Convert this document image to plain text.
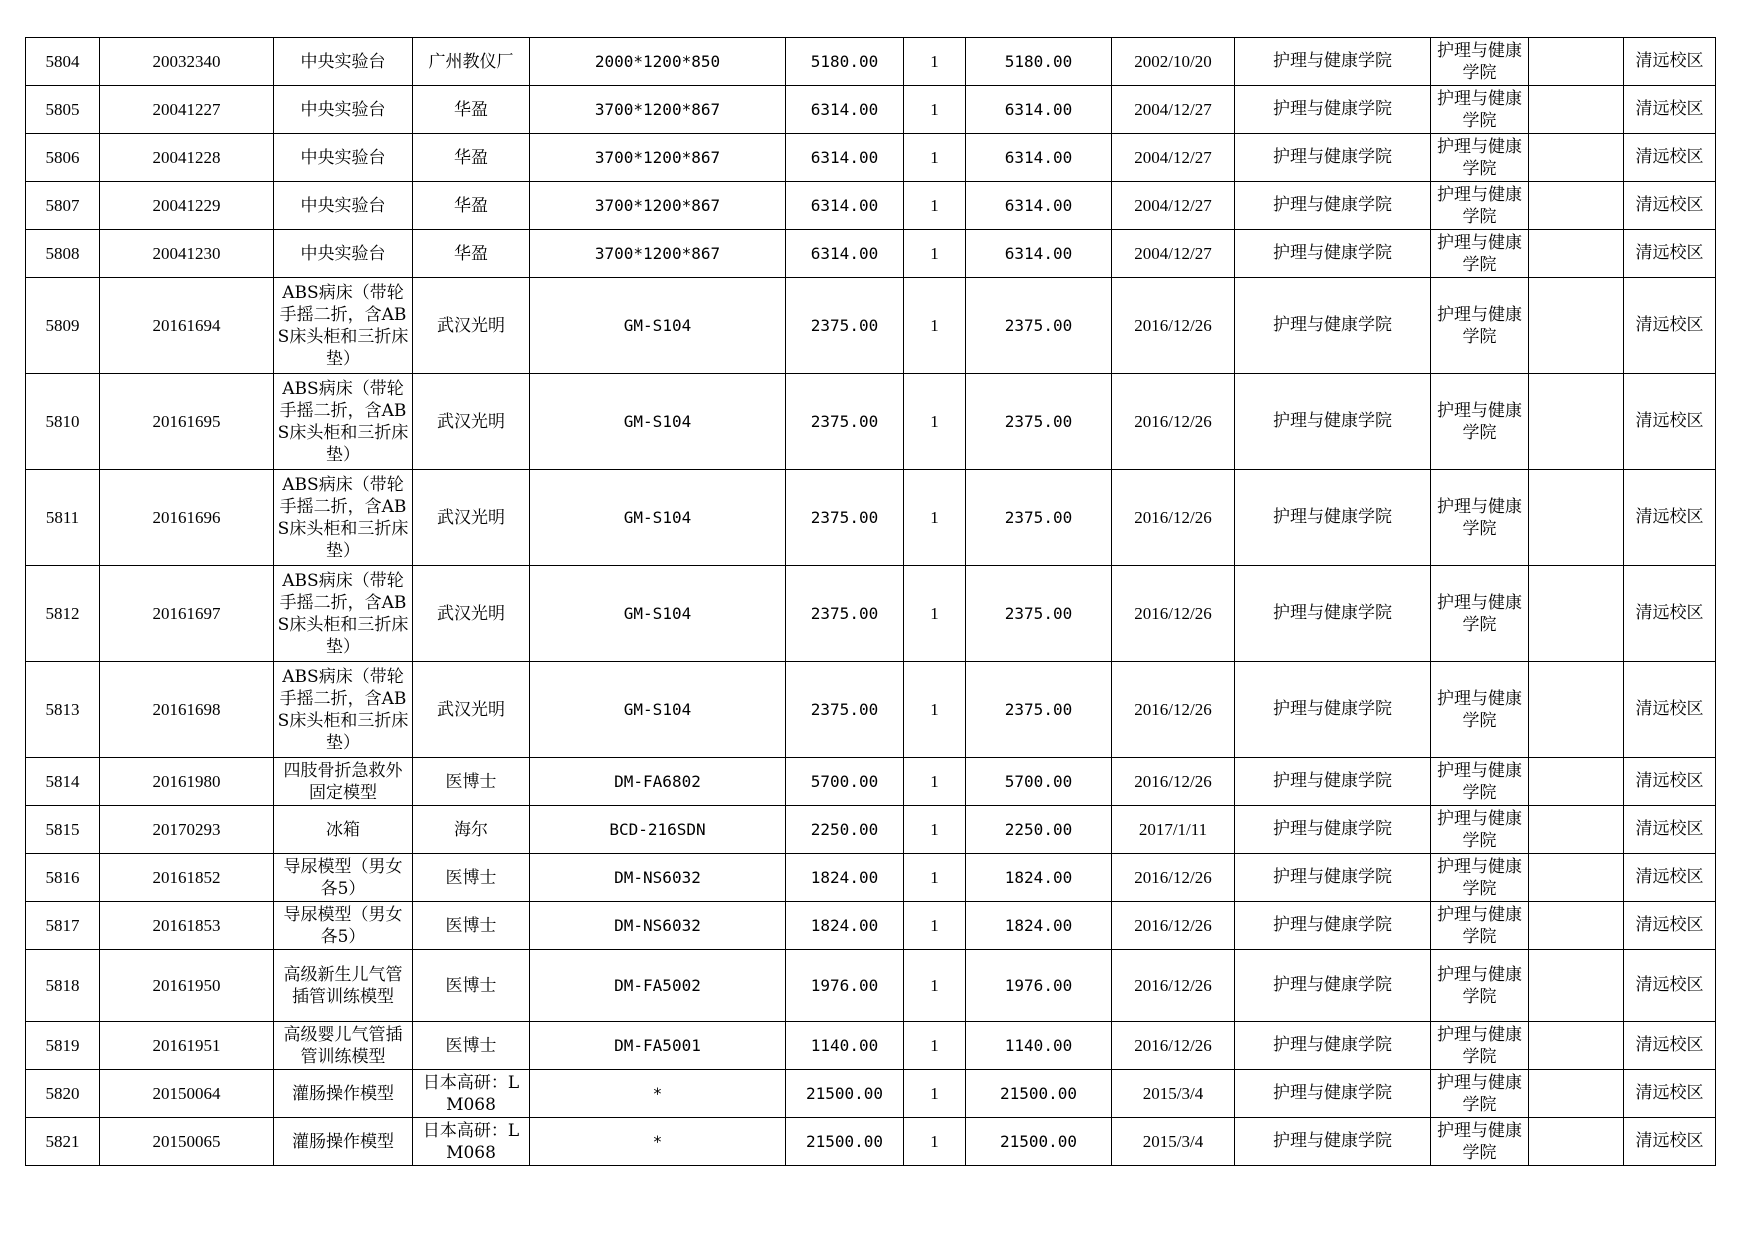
5804	20032340	中央实验台	广州教仪厂	2000*1200*850	5180.00	1	5180.00	2002/10/20	护理与健康学院	护理与健康学院		清远校区
5805	20041227	中央实验台	华盈	3700*1200*867	6314.00	1	6314.00	2004/12/27	护理与健康学院	护理与健康学院		清远校区
5806	20041228	中央实验台	华盈	3700*1200*867	6314.00	1	6314.00	2004/12/27	护理与健康学院	护理与健康学院		清远校区
5807	20041229	中央实验台	华盈	3700*1200*867	6314.00	1	6314.00	2004/12/27	护理与健康学院	护理与健康学院		清远校区
5808	20041230	中央实验台	华盈	3700*1200*867	6314.00	1	6314.00	2004/12/27	护理与健康学院	护理与健康学院		清远校区
5809	20161694	ABS病床（带轮手摇二折，含ABS床头柜和三折床垫）	武汉光明	GM-S104	2375.00	1	2375.00	2016/12/26	护理与健康学院	护理与健康学院		清远校区
5810	20161695	ABS病床（带轮手摇二折，含ABS床头柜和三折床垫）	武汉光明	GM-S104	2375.00	1	2375.00	2016/12/26	护理与健康学院	护理与健康学院		清远校区
5811	20161696	ABS病床（带轮手摇二折，含ABS床头柜和三折床垫）	武汉光明	GM-S104	2375.00	1	2375.00	2016/12/26	护理与健康学院	护理与健康学院		清远校区
5812	20161697	ABS病床（带轮手摇二折，含ABS床头柜和三折床垫）	武汉光明	GM-S104	2375.00	1	2375.00	2016/12/26	护理与健康学院	护理与健康学院		清远校区
5813	20161698	ABS病床（带轮手摇二折，含ABS床头柜和三折床垫）	武汉光明	GM-S104	2375.00	1	2375.00	2016/12/26	护理与健康学院	护理与健康学院		清远校区
5814	20161980	四肢骨折急救外固定模型	医博士	DM-FA6802	5700.00	1	5700.00	2016/12/26	护理与健康学院	护理与健康学院		清远校区
5815	20170293	冰箱	海尔	BCD-216SDN	2250.00	1	2250.00	2017/1/11	护理与健康学院	护理与健康学院		清远校区
5816	20161852	导尿模型（男女各5）	医博士	DM-NS6032	1824.00	1	1824.00	2016/12/26	护理与健康学院	护理与健康学院		清远校区
5817	20161853	导尿模型（男女各5）	医博士	DM-NS6032	1824.00	1	1824.00	2016/12/26	护理与健康学院	护理与健康学院		清远校区
5818	20161950	高级新生儿气管插管训练模型	医博士	DM-FA5002	1976.00	1	1976.00	2016/12/26	护理与健康学院	护理与健康学院		清远校区
5819	20161951	高级婴儿气管插管训练模型	医博士	DM-FA5001	1140.00	1	1140.00	2016/12/26	护理与健康学院	护理与健康学院		清远校区
5820	20150064	灌肠操作模型	日本高研：LM068	*	21500.00	1	21500.00	2015/3/4	护理与健康学院	护理与健康学院		清远校区
5821	20150065	灌肠操作模型	日本高研：LM068	*	21500.00	1	21500.00	2015/3/4	护理与健康学院	护理与健康学院		清远校区
